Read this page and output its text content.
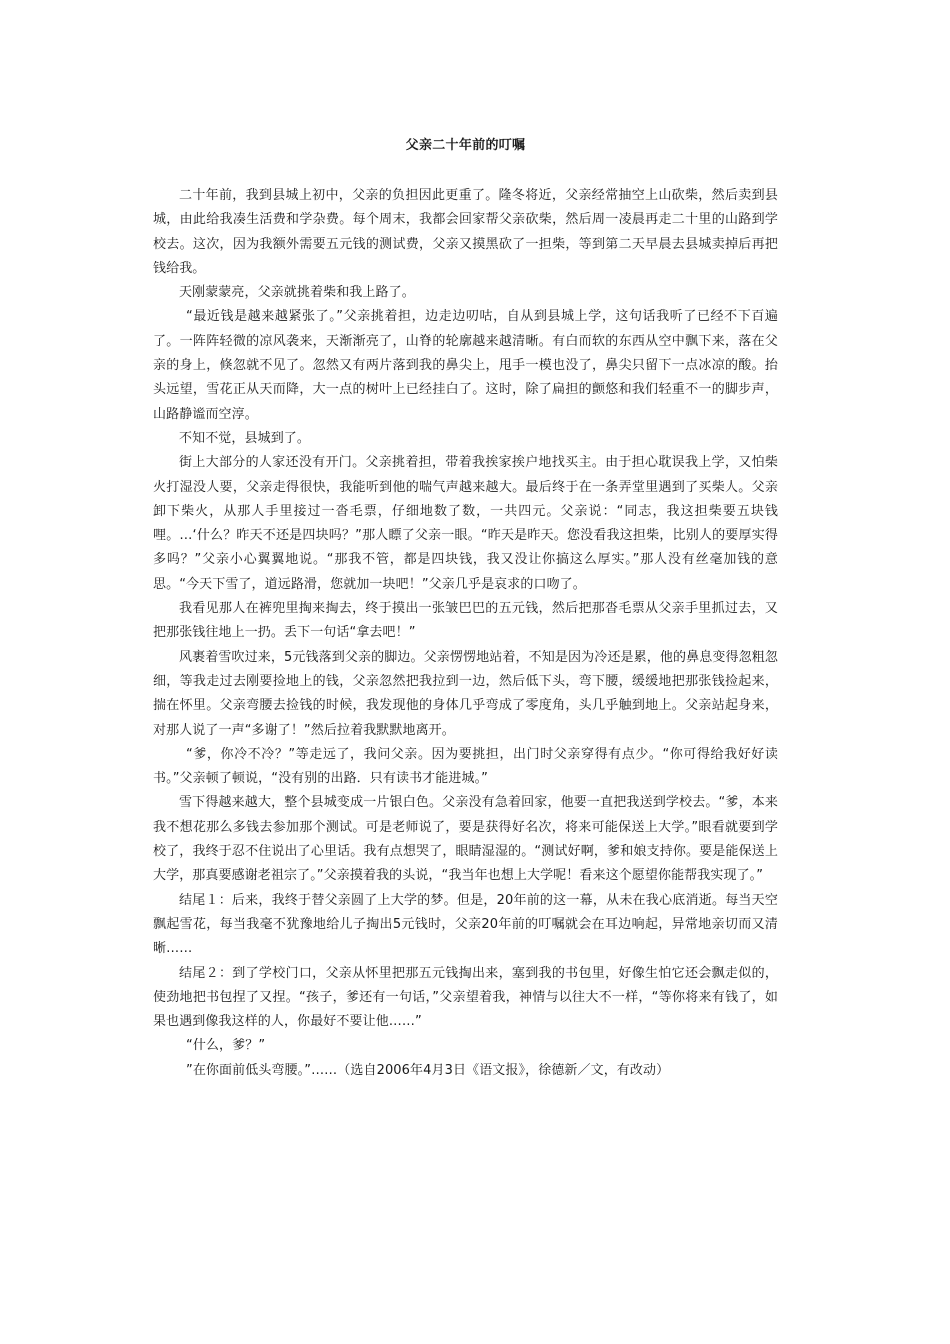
父亲二十年前的叮嘱

二十年前，我到县城上初中，父亲的负担因此更重了。隆冬将近，父亲经常抽空上山砍柴，然后卖到县城，由此给我凑生活费和学杂费。每个周末，我都会回家帮父亲砍柴，然后周一凌晨再走二十里的山路到学校去。这次，因为我额外需要五元钱的测试费，父亲又摸黑砍了一担柴，等到第二天早晨去县城卖掉后再把钱给我。

天刚蒙蒙亮，父亲就挑着柴和我上路了。

“最近钱是越来越紧张了。”父亲挑着担，边走边叨咕，自从到县城上学，这句话我听了已经不下百遍了。一阵阵轻微的凉风袭来，天渐渐亮了，山脊的轮廓越来越清晰。有白而软的东西从空中飘下来，落在父亲的身上，倏忽就不见了。忽然又有两片落到我的鼻尖上，甩手一模也没了，鼻尖只留下一点冰凉的酸。抬头远望，雪花正从天而降，大一点的树叶上已经挂白了。这时，除了扁担的颤悠和我们轻重不一的脚步声，山路静谧而空淳。

不知不觉，县城到了。

街上大部分的人家还没有开门。父亲挑着担，带着我挨家挨户地找买主。由于担心耽误我上学，又怕柴火打湿没人要，父亲走得很快，我能听到他的喘气声越来越大。最后终于在一条弄堂里遇到了买柴人。父亲卸下柴火，从那人手里接过一沓毛票，仔细地数了数，一共四元。父亲说：“同志，我这担柴要五块钱哩。…‘什么？昨天不还是四块吗？”那人瞟了父亲一眼。“昨天是昨天。您没看我这担柴，比别人的要厚实得多吗？”父亲小心翼翼地说。“那我不管，都是四块钱，我又没让你搞这么厚实。”那人没有丝毫加钱的意思。“今天下雪了，道远路滑，您就加一块吧！”父亲几乎是哀求的口吻了。

我看见那人在裤兜里掏来掏去，终于摸出一张皱巴巴的五元钱，然后把那沓毛票从父亲手里抓过去，又把那张钱往地上一扔。丢下一句话“拿去吧！”

风裹着雪吹过来，5元钱落到父亲的脚边。父亲愣愣地站着，不知是因为冷还是累，他的鼻息变得忽粗忽细，等我走过去刚要捡地上的钱，父亲忽然把我拉到一边，然后低下头，弯下腰，缓缓地把那张钱捡起来，揣在怀里。父亲弯腰去捡钱的时候，我发现他的身体几乎弯成了零度角，头几乎触到地上。父亲站起身来，对那人说了一声“多谢了！”然后拉着我默默地离开。

“爹，你冷不冷？”等走远了，我问父亲。因为要挑担，出门时父亲穿得有点少。“你可得给我好好读书。”父亲顿了顿说，“没有别的出路．只有读书才能进城。”

雪下得越来越大，整个县城变成一片银白色。父亲没有急着回家，他要一直把我送到学校去。“爹，本来我不想花那么多钱去参加那个测试。可是老师说了，要是获得好名次，将来可能保送上大学。”眼看就要到学校了，我终于忍不住说出了心里话。我有点想哭了，眼睛湿湿的。“测试好啊，爹和娘支持你。要是能保送上大学，那真要感谢老祖宗了。”父亲摸着我的头说，“我当年也想上大学呢！看来这个愿望你能帮我实现了。”

结尾１：后来，我终于替父亲圆了上大学的梦。但是，20年前的这一幕，从未在我心底消逝。每当天空飘起雪花，每当我毫不犹豫地给儿子掏出5元钱时，父亲20年前的叮嘱就会在耳边响起，异常地亲切而又清晰……

结尾２：到了学校门口，父亲从怀里把那五元钱掏出来，塞到我的书包里，好像生怕它还会飘走似的，使劲地把书包捏了又捏。“孩子，爹还有一句话，”父亲望着我，神情与以往大不一样，“等你将来有钱了，如果也遇到像我这样的人，你最好不要让他……”

“什么，爹？”

”在你面前低头弯腰。”……（选自2006年4月3日《语文报》，徐德新／文，有改动）
